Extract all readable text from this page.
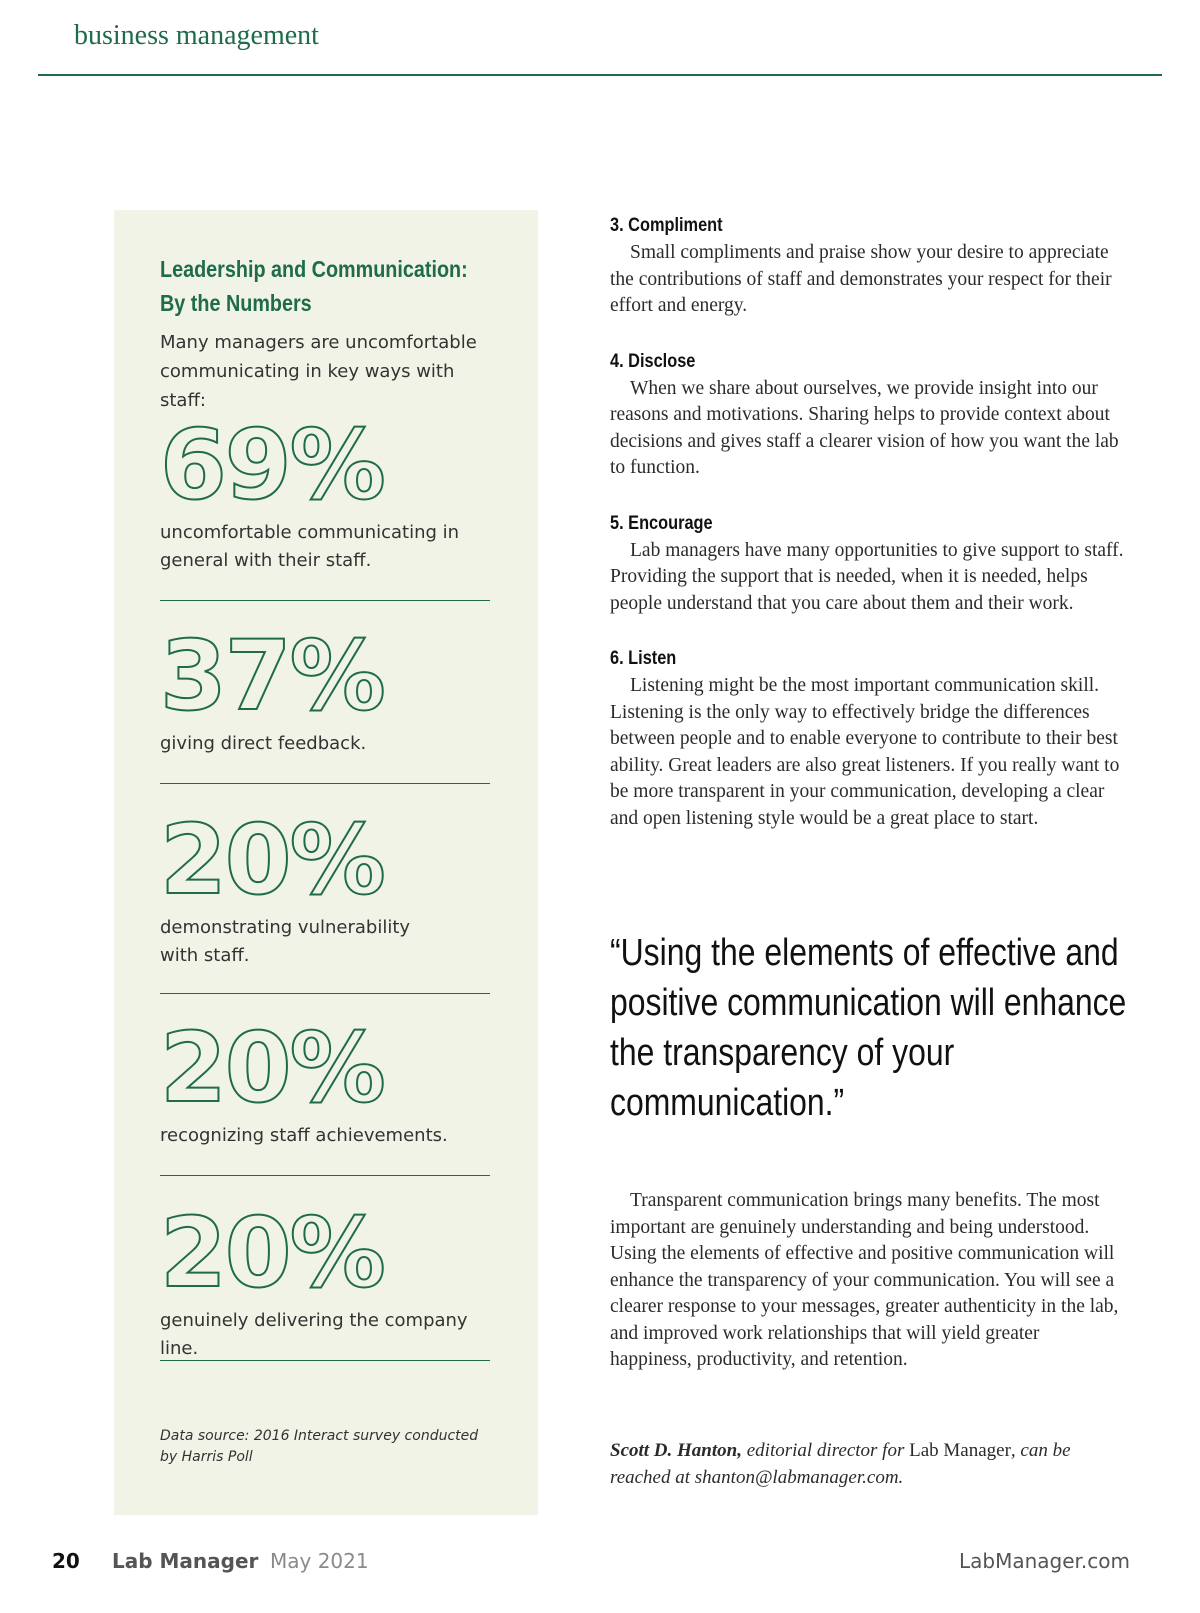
business management
Leadership and Communication:
By the Numbers
Many managers are uncomfortable communicating in key ways with staff:
69%
uncomfortable communicating in general with their staff.
37%
giving direct feedback.
20%
demonstrating vulnerability with staff.
20%
recognizing staff achievements.
20%
genuinely delivering the company line.
Data source: 2016 Interact survey conducted by Harris Poll
3. Compliment

Small compliments and praise show your desire to appreciate the contributions of staff and demonstrates your respect for their effort and energy.

4. Disclose

When we share about ourselves, we provide insight into our reasons and motivations. Sharing helps to provide context about decisions and gives staff a clearer vision of how you want the lab to function.

5. Encourage

Lab managers have many opportunities to give support to staff. Providing the support that is needed, when it is needed, helps people understand that you care about them and their work.

6. Listen

Listening might be the most important communication skill. Listening is the only way to effectively bridge the differences between people and to enable everyone to contribute to their best ability. Great leaders are also great listeners. If you really want to be more transparent in your communication, developing a clear and open listening style would be a great place to start.

“Using the elements of effective and positive communication will enhance the transparency of your communication.”

Transparent communication brings many benefits. The most important are genuinely understanding and being understood. Using the elements of effective and positive communication will enhance the transparency of your communication. You will see a clearer response to your messages, greater authenticity in the lab, and improved work relationships that will yield greater happiness, productivity, and retention.

Scott D. Hanton, editorial director for Lab Manager, can be reached at shanton@labmanager.com.
20 Lab Manager May 2021	LabManager.com
